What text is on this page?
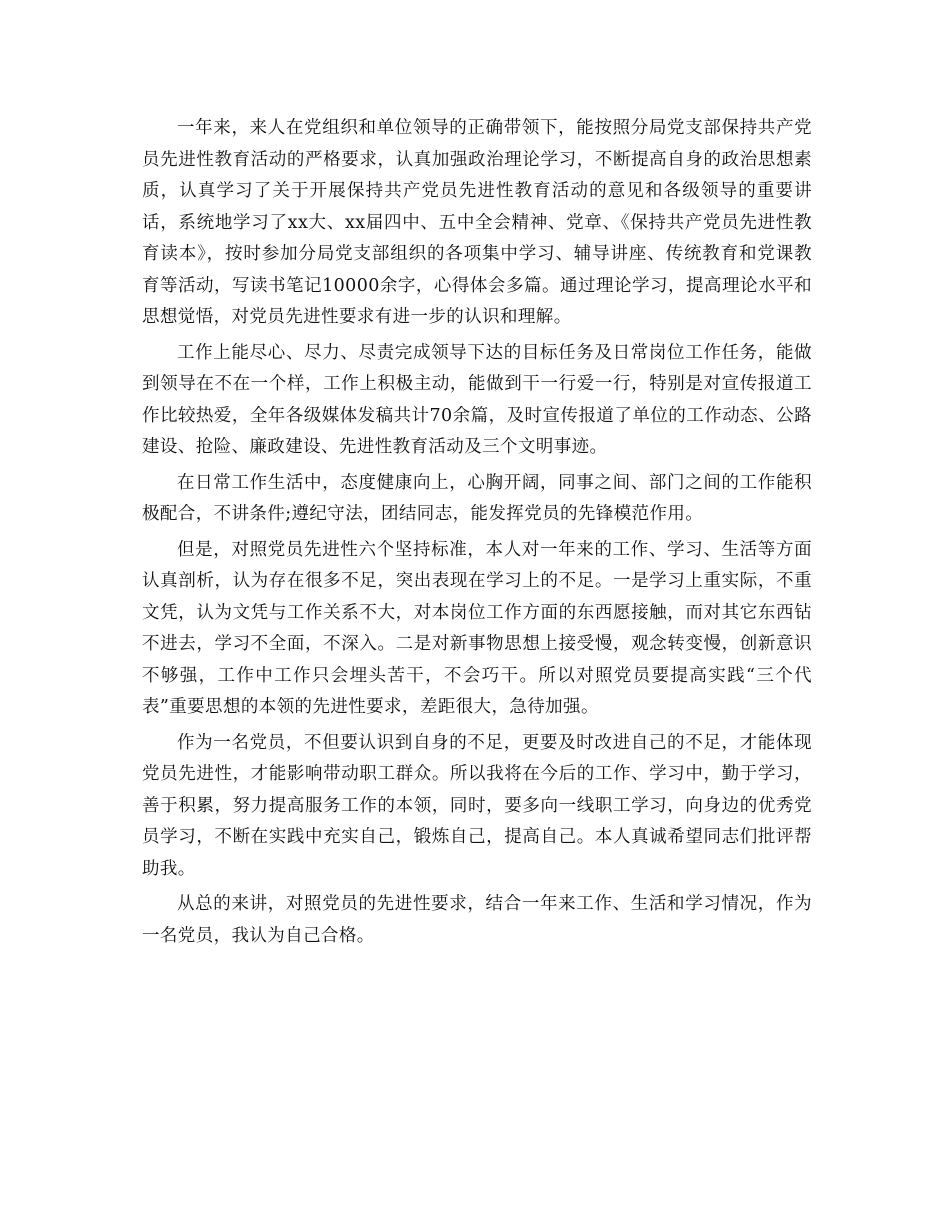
一年来，来人在党组织和单位领导的正确带领下，能按照分局党支部保持共产党员先进性教育活动的严格要求，认真加强政治理论学习，不断提高自身的政治思想素质，认真学习了关于开展保持共产党员先进性教育活动的意见和各级领导的重要讲话，系统地学习了xx大、xx届四中、五中全会精神、党章、《保持共产党员先进性教育读本》，按时参加分局党支部组织的各项集中学习、辅导讲座、传统教育和党课教育等活动，写读书笔记10000余字，心得体会多篇。通过理论学习，提高理论水平和思想觉悟，对党员先进性要求有进一步的认识和理解。

工作上能尽心、尽力、尽责完成领导下达的目标任务及日常岗位工作任务，能做到领导在不在一个样，工作上积极主动，能做到干一行爱一行，特别是对宣传报道工作比较热爱，全年各级媒体发稿共计70余篇，及时宣传报道了单位的工作动态、公路建设、抢险、廉政建设、先进性教育活动及三个文明事迹。

在日常工作生活中，态度健康向上，心胸开阔，同事之间、部门之间的工作能积极配合，不讲条件;遵纪守法，团结同志，能发挥党员的先锋模范作用。

但是，对照党员先进性六个坚持标准，本人对一年来的工作、学习、生活等方面认真剖析，认为存在很多不足，突出表现在学习上的不足。一是学习上重实际，不重文凭，认为文凭与工作关系不大，对本岗位工作方面的东西愿接触，而对其它东西钻不进去，学习不全面，不深入。二是对新事物思想上接受慢，观念转变慢，创新意识不够强，工作中工作只会埋头苦干，不会巧干。所以对照党员要提高实践“三个代表”重要思想的本领的先进性要求，差距很大，急待加强。

作为一名党员，不但要认识到自身的不足，更要及时改进自己的不足，才能体现党员先进性，才能影响带动职工群众。所以我将在今后的工作、学习中，勤于学习，善于积累，努力提高服务工作的本领，同时，要多向一线职工学习，向身边的优秀党员学习，不断在实践中充实自己，锻炼自己，提高自己。本人真诚希望同志们批评帮助我。

从总的来讲，对照党员的先进性要求，结合一年来工作、生活和学习情况，作为一名党员，我认为自己合格。
